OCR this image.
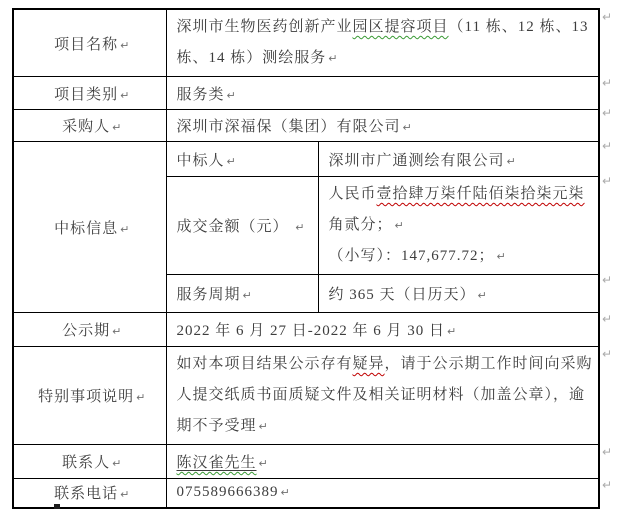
项目名称 ↵	深圳市生物医药创新产业园区提容项目（11 栋、12 栋、13
栋、14 栋）测绘服务 ↵	

项目类别 ↵	服务类 ↵	
采购人 ↵	深圳市深福保（集团）有限公司 ↵	
中标信息 ↵	中标人 ↵	深圳市广通测绘有限公司 ↵
	成交金额（元） ↵	人民币壹拾肆万柒仟陆佰柒拾柒元柒
角贰分； ↵
（小写）：147,677.72； ↵

	服务周期 ↵	约 365 天（日历天） ↵
公示期 ↵	2022 年 6 月 27 日-2022 年 6 月 30 日 ↵	
特别事项说明 ↵	如对本项目结果公示存有疑异，请于公示期工作时间向采购
人提交纸质书面质疑文件及相关证明材料（加盖公章），逾
期不予受理 ↵	

联系人 ↵	陈汉雀先生 ↵	
联系电话 ↵	075589666389 ↵	
↵
↵
↵
↵
↵
↵
↵
↵
↵
↵
